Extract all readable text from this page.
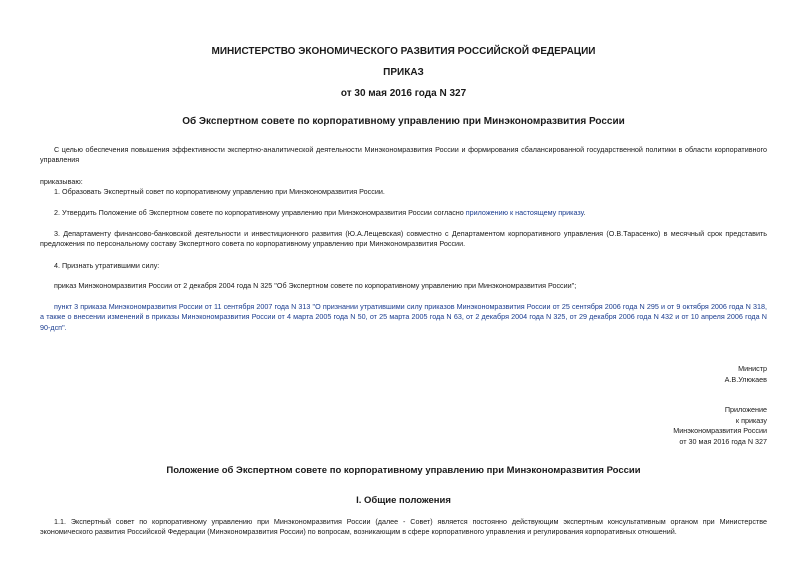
МИНИСТЕРСТВО ЭКОНОМИЧЕСКОГО РАЗВИТИЯ РОССИЙСКОЙ ФЕДЕРАЦИИ
ПРИКАЗ
от 30 мая 2016 года N 327
Об Экспертном совете по корпоративному управлению при Минэкономразвития России

С целью обеспечения повышения эффективности экспертно-аналитической деятельности Минэкономразвития России и формирования сбалансированной государственной политики в области корпоративного управления

приказываю:

1. Образовать Экспертный совет по корпоративному управлению при Минэкономразвития России.

2. Утвердить Положение об Экспертном совете по корпоративному управлению при Минэкономразвития России согласно приложению к настоящему приказу.

3. Департаменту финансово-банковской деятельности и инвестиционного развития (Ю.А.Лещевская) совместно с Департаментом корпоративного управления (О.В.Тарасенко) в месячный срок представить предложения по персональному составу Экспертного совета по корпоративному управлению при Минэкономразвития России.

4. Признать утратившими силу:

приказ Минэкономразвития России от 2 декабря 2004 года N 325 "Об Экспертном совете по корпоративному управлению при Минэкономразвития России";

пункт 3 приказа Минэкономразвития России от 11 сентября 2007 года N 313 "О признании утратившими силу приказов Минэкономразвития России от 25 сентября 2006 года N 295 и от 9 октября 2006 года N 318, а также о внесении изменений в приказы Минэкономразвития России от 4 марта 2005 года N 50, от 25 марта 2005 года N 63, от 2 декабря 2004 года N 325, от 29 декабря 2006 года N 432 и от 10 апреля 2006 года N 90-дсп".

Министр
А.В.Улюкаев
Приложение
к приказу
Минэкономразвития России
от 30 мая 2016 года N 327
Положение об Экспертном совете по корпоративному управлению при Минэкономразвития России
I. Общие положения

1.1. Экспертный совет по корпоративному управлению при Минэкономразвития России (далее - Совет) является постоянно действующим экспертным консультативным органом при Министерстве экономического развития Российской Федерации (Минэкономразвития России) по вопросам, возникающим в сфере корпоративного управления и регулирования корпоративных отношений.
